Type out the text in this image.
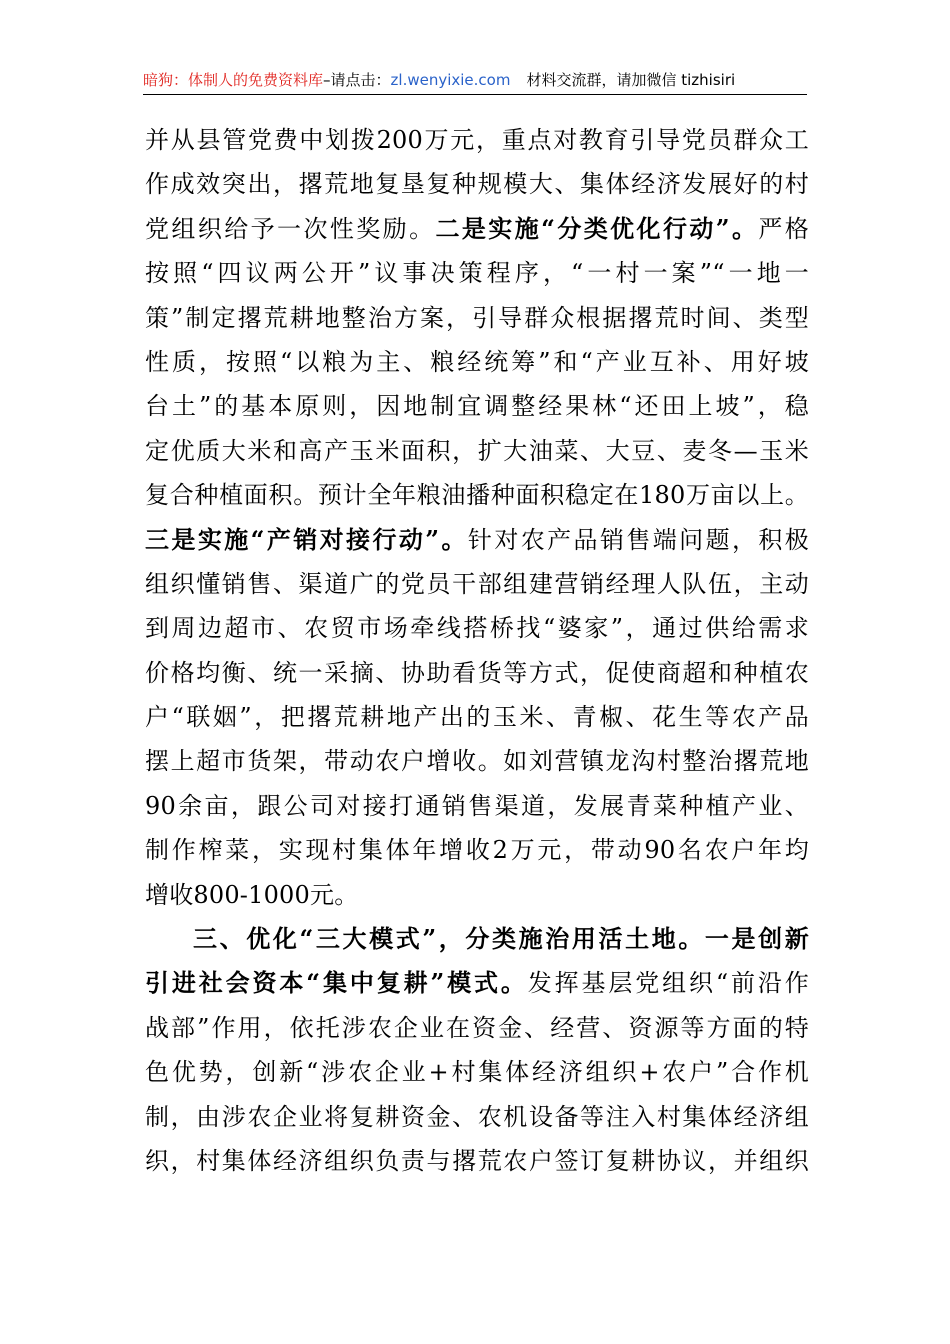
暗狗：体制人的免费资料库–请点击：zl.wenyixie.com 材料交流群，请加微信 tizhisiri
并从县管党费中划拨200万元，重点对教育引导党员群众工
作成效突出，撂荒地复垦复种规模大、集体经济发展好的村
党组织给予一次性奖励。二是实施“分类优化行动”。严格
按照“四议两公开”议事决策程序，“一村一案”“一地一
策”制定撂荒耕地整治方案，引导群众根据撂荒时间、类型
性质，按照“以粮为主、粮经统筹”和“产业互补、用好坡
台土”的基本原则，因地制宜调整经果林“还田上坡”，稳
定优质大米和高产玉米面积，扩大油菜、大豆、麦冬—玉米
复合种植面积。预计全年粮油播种面积稳定在180万亩以上。
三是实施“产销对接行动”。针对农产品销售端问题，积极
组织懂销售、渠道广的党员干部组建营销经理人队伍，主动
到周边超市、农贸市场牵线搭桥找“婆家”，通过供给需求
价格均衡、统一采摘、协助看货等方式，促使商超和种植农
户“联姻”，把撂荒耕地产出的玉米、青椒、花生等农产品
摆上超市货架，带动农户增收。如刘营镇龙沟村整治撂荒地
90余亩，跟公司对接打通销售渠道，发展青菜种植产业、
制作榨菜，实现村集体年增收2万元，带动90名农户年均
增收800-1000元。
三、优化“三大模式”，分类施治用活土地。一是创新
引进社会资本“集中复耕”模式。发挥基层党组织“前沿作
战部”作用，依托涉农企业在资金、经营、资源等方面的特
色优势，创新“涉农企业+村集体经济组织+农户”合作机
制，由涉农企业将复耕资金、农机设备等注入村集体经济组
织，村集体经济组织负责与撂荒农户签订复耕协议，并组织
